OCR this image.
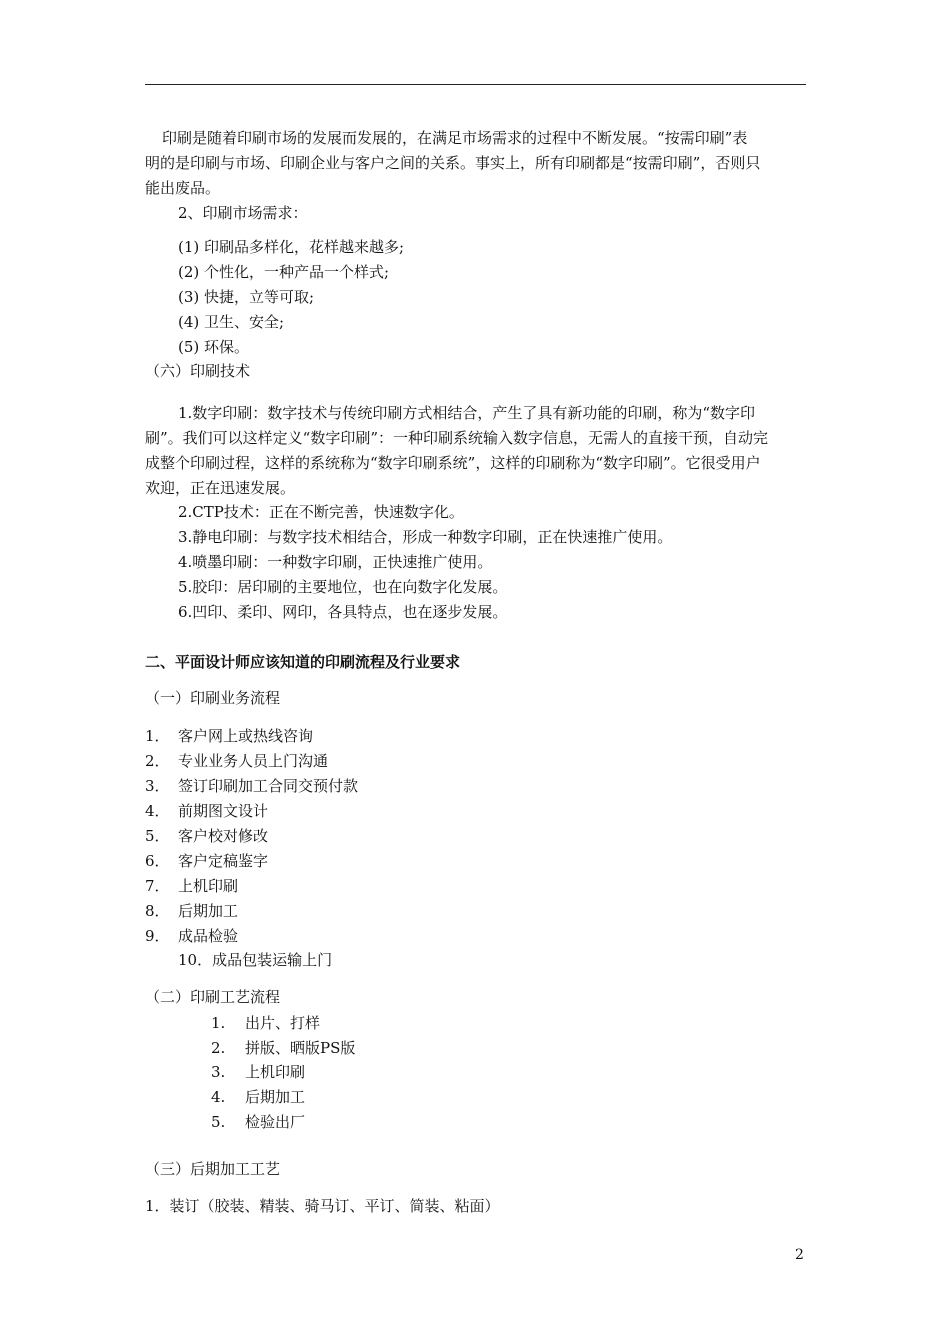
印刷是随着印刷市场的发展而发展的，在满足市场需求的过程中不断发展。“按需印刷”表
明的是印刷与市场、印刷企业与客户之间的关系。事实上，所有印刷都是“按需印刷”，否则只
能出废品。
2、印刷市场需求：
(1) 印刷品多样化，花样越来越多;
(2) 个性化，一种产品一个样式;
(3) 快捷，立等可取;
(4) 卫生、安全;
(5) 环保。
（六）印刷技术
1.数字印刷：数字技术与传统印刷方式相结合，产生了具有新功能的印刷，称为“数字印
刷”。我们可以这样定义“数字印刷”：一种印刷系统输入数字信息，无需人的直接干预，自动完
成整个印刷过程，这样的系统称为“数字印刷系统”，这样的印刷称为“数字印刷”。它很受用户
欢迎，正在迅速发展。
2.CTP技术：正在不断完善，快速数字化。
3.静电印刷：与数字技术相结合，形成一种数字印刷，正在快速推广使用。
4.喷墨印刷：一种数字印刷，正快速推广使用。
5.胶印：居印刷的主要地位，也在向数字化发展。
6.凹印、柔印、网印，各具特点，也在逐步发展。
二、平面设计师应该知道的印刷流程及行业要求
（一）印刷业务流程
1． 客户网上或热线咨询
2． 专业业务人员上门沟通
3． 签订印刷加工合同交预付款
4． 前期图文设计
5． 客户校对修改
6． 客户定稿鉴字
7． 上机印刷
8． 后期加工
9． 成品检验
10．成品包装运输上门
（二）印刷工艺流程
1. 出片、打样
2. 拼版、晒版PS版
3. 上机印刷
4. 后期加工
5. 检验出厂
（三）后期加工工艺
1．装订（胶装、精装、骑马订、平订、简装、粘面）
2
